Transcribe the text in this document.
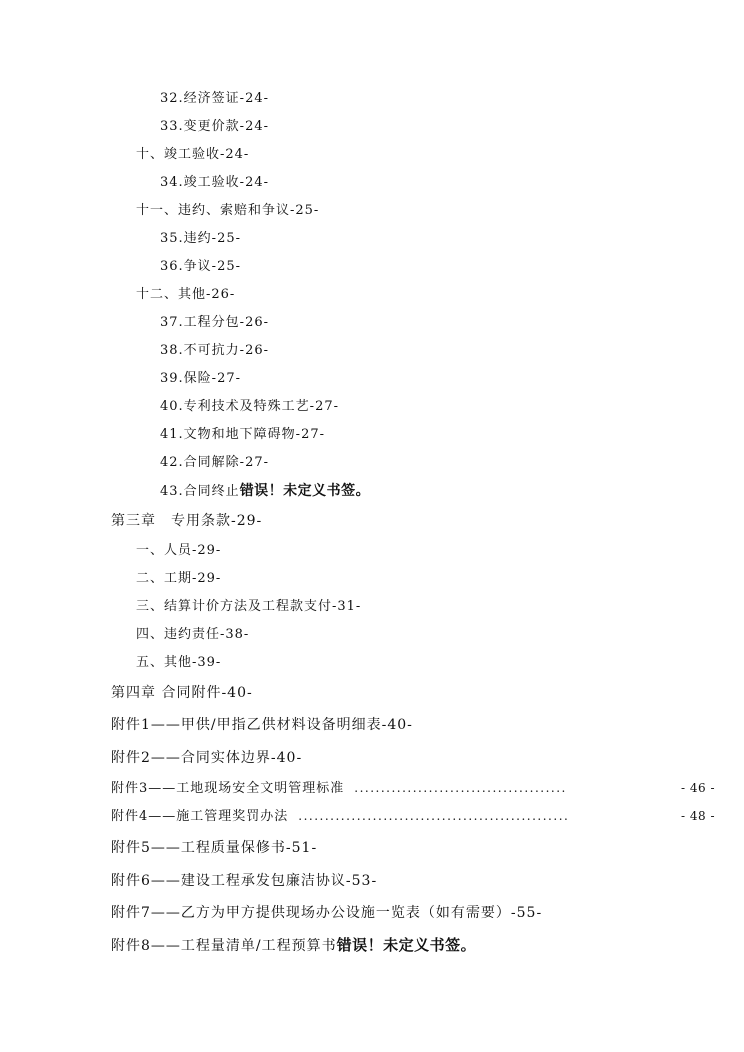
32.经济签证-24-
33.变更价款-24-
十、竣工验收-24-
34.竣工验收-24-
十一、违约、索赔和争议-25-
35.违约-25-
36.争议-25-
十二、其他-26-
37.工程分包-26-
38.不可抗力-26-
39.保险-27-
40.专利技术及特殊工艺-27-
41.文物和地下障碍物-27-
42.合同解除-27-
43.合同终止错误！未定义书签。
第三章　专用条款-29-
一、人员-29-
二、工期-29-
三、结算计价方法及工程款支付-31-
四、违约责任-38-
五、其他-39-
第四章 合同附件-40-
附件1——甲供/甲指乙供材料设备明细表-40-
附件2——合同实体边界-40-
附件3——工地现场安全文明管理标准 ........................................	- 46 -
附件4——施工管理奖罚办法 ...................................................	- 48 -
附件5——工程质量保修书-51-
附件6——建设工程承发包廉洁协议-53-
附件7——乙方为甲方提供现场办公设施一览表（如有需要）-55-
附件8——工程量清单/工程预算书错误！未定义书签。
